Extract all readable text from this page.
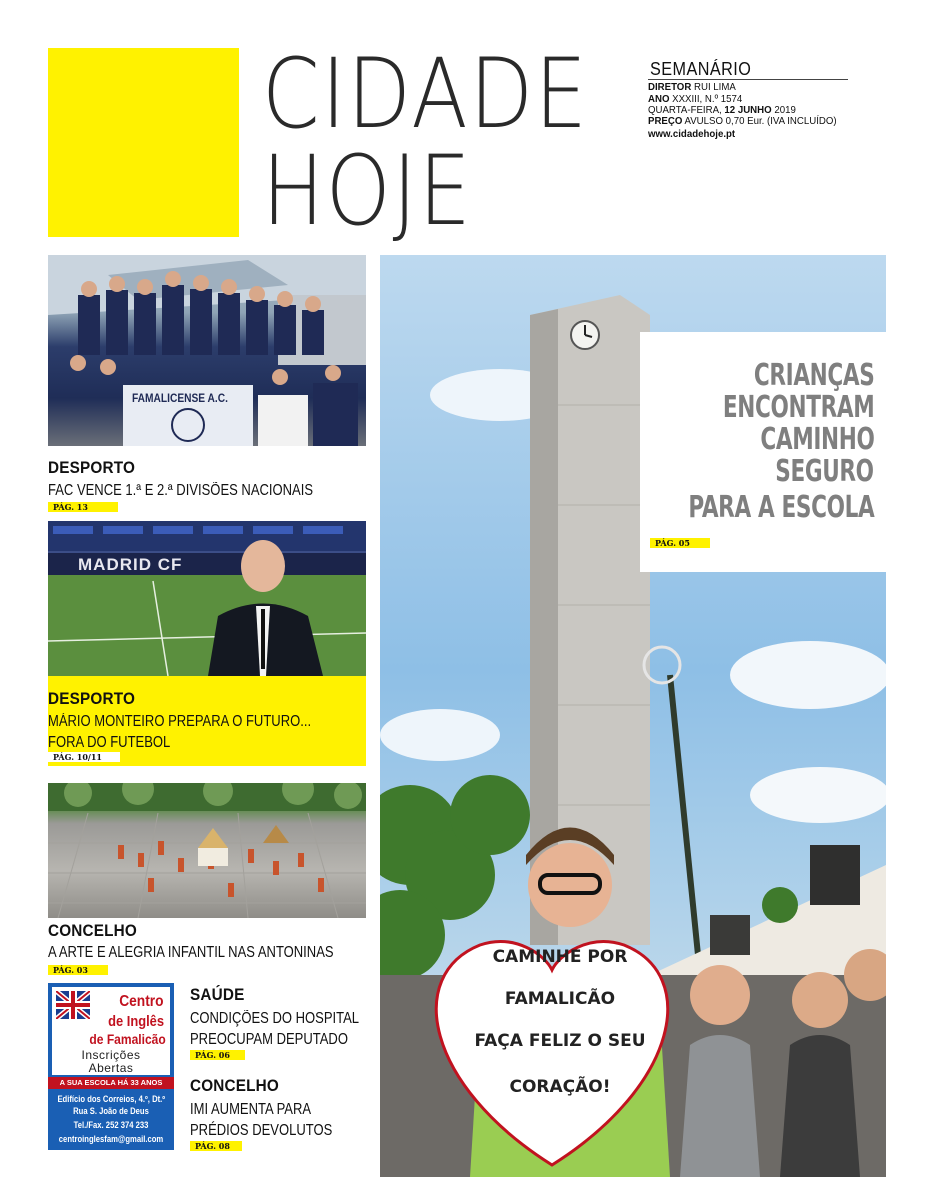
CIDADE
HOJE
SEMANÁRIO
DIRETOR RUI LIMA
ANO XXXIII, N.º 1574
QUARTA-FEIRA, 12 JUNHO 2019
PREÇO AVULSO 0,70 Eur. (IVA INCLUÍDO)
www.cidadehoje.pt
FAMALICENSE A.C.
DESPORTO
FAC VENCE 1.ª E 2.ª DIVISÕES NACIONAIS
PÁG. 13
MADRID CF
DESPORTO
MÁRIO MONTEIRO PREPARA O FUTURO...
FORA DO FUTEBOL
PÁG. 10/11
CONCELHO
A ARTE E ALEGRIA INFANTIL NAS ANTONINAS
PÁG. 03
Centro
de Inglês
de Famalicão
Inscrições
Abertas
A SUA ESCOLA HÁ 33 ANOS
Edifício dos Correios, 4.º, Dt.º
Rua S. João de Deus
Tel./Fax. 252 374 233
centroinglesfam@gmail.com
SAÚDE
CONDIÇÕES DO HOSPITAL
PREOCUPAM DEPUTADO
PÁG. 06
CONCELHO
IMI AUMENTA PARA
PRÉDIOS DEVOLUTOS
PÁG. 08
CAMINHE POR
FAMALICÃO
FAÇA FELIZ O SEU
CORAÇÃO!
CRIANÇAS
ENCONTRAM
CAMINHO
SEGURO
PARA A ESCOLA
PÁG. 05
